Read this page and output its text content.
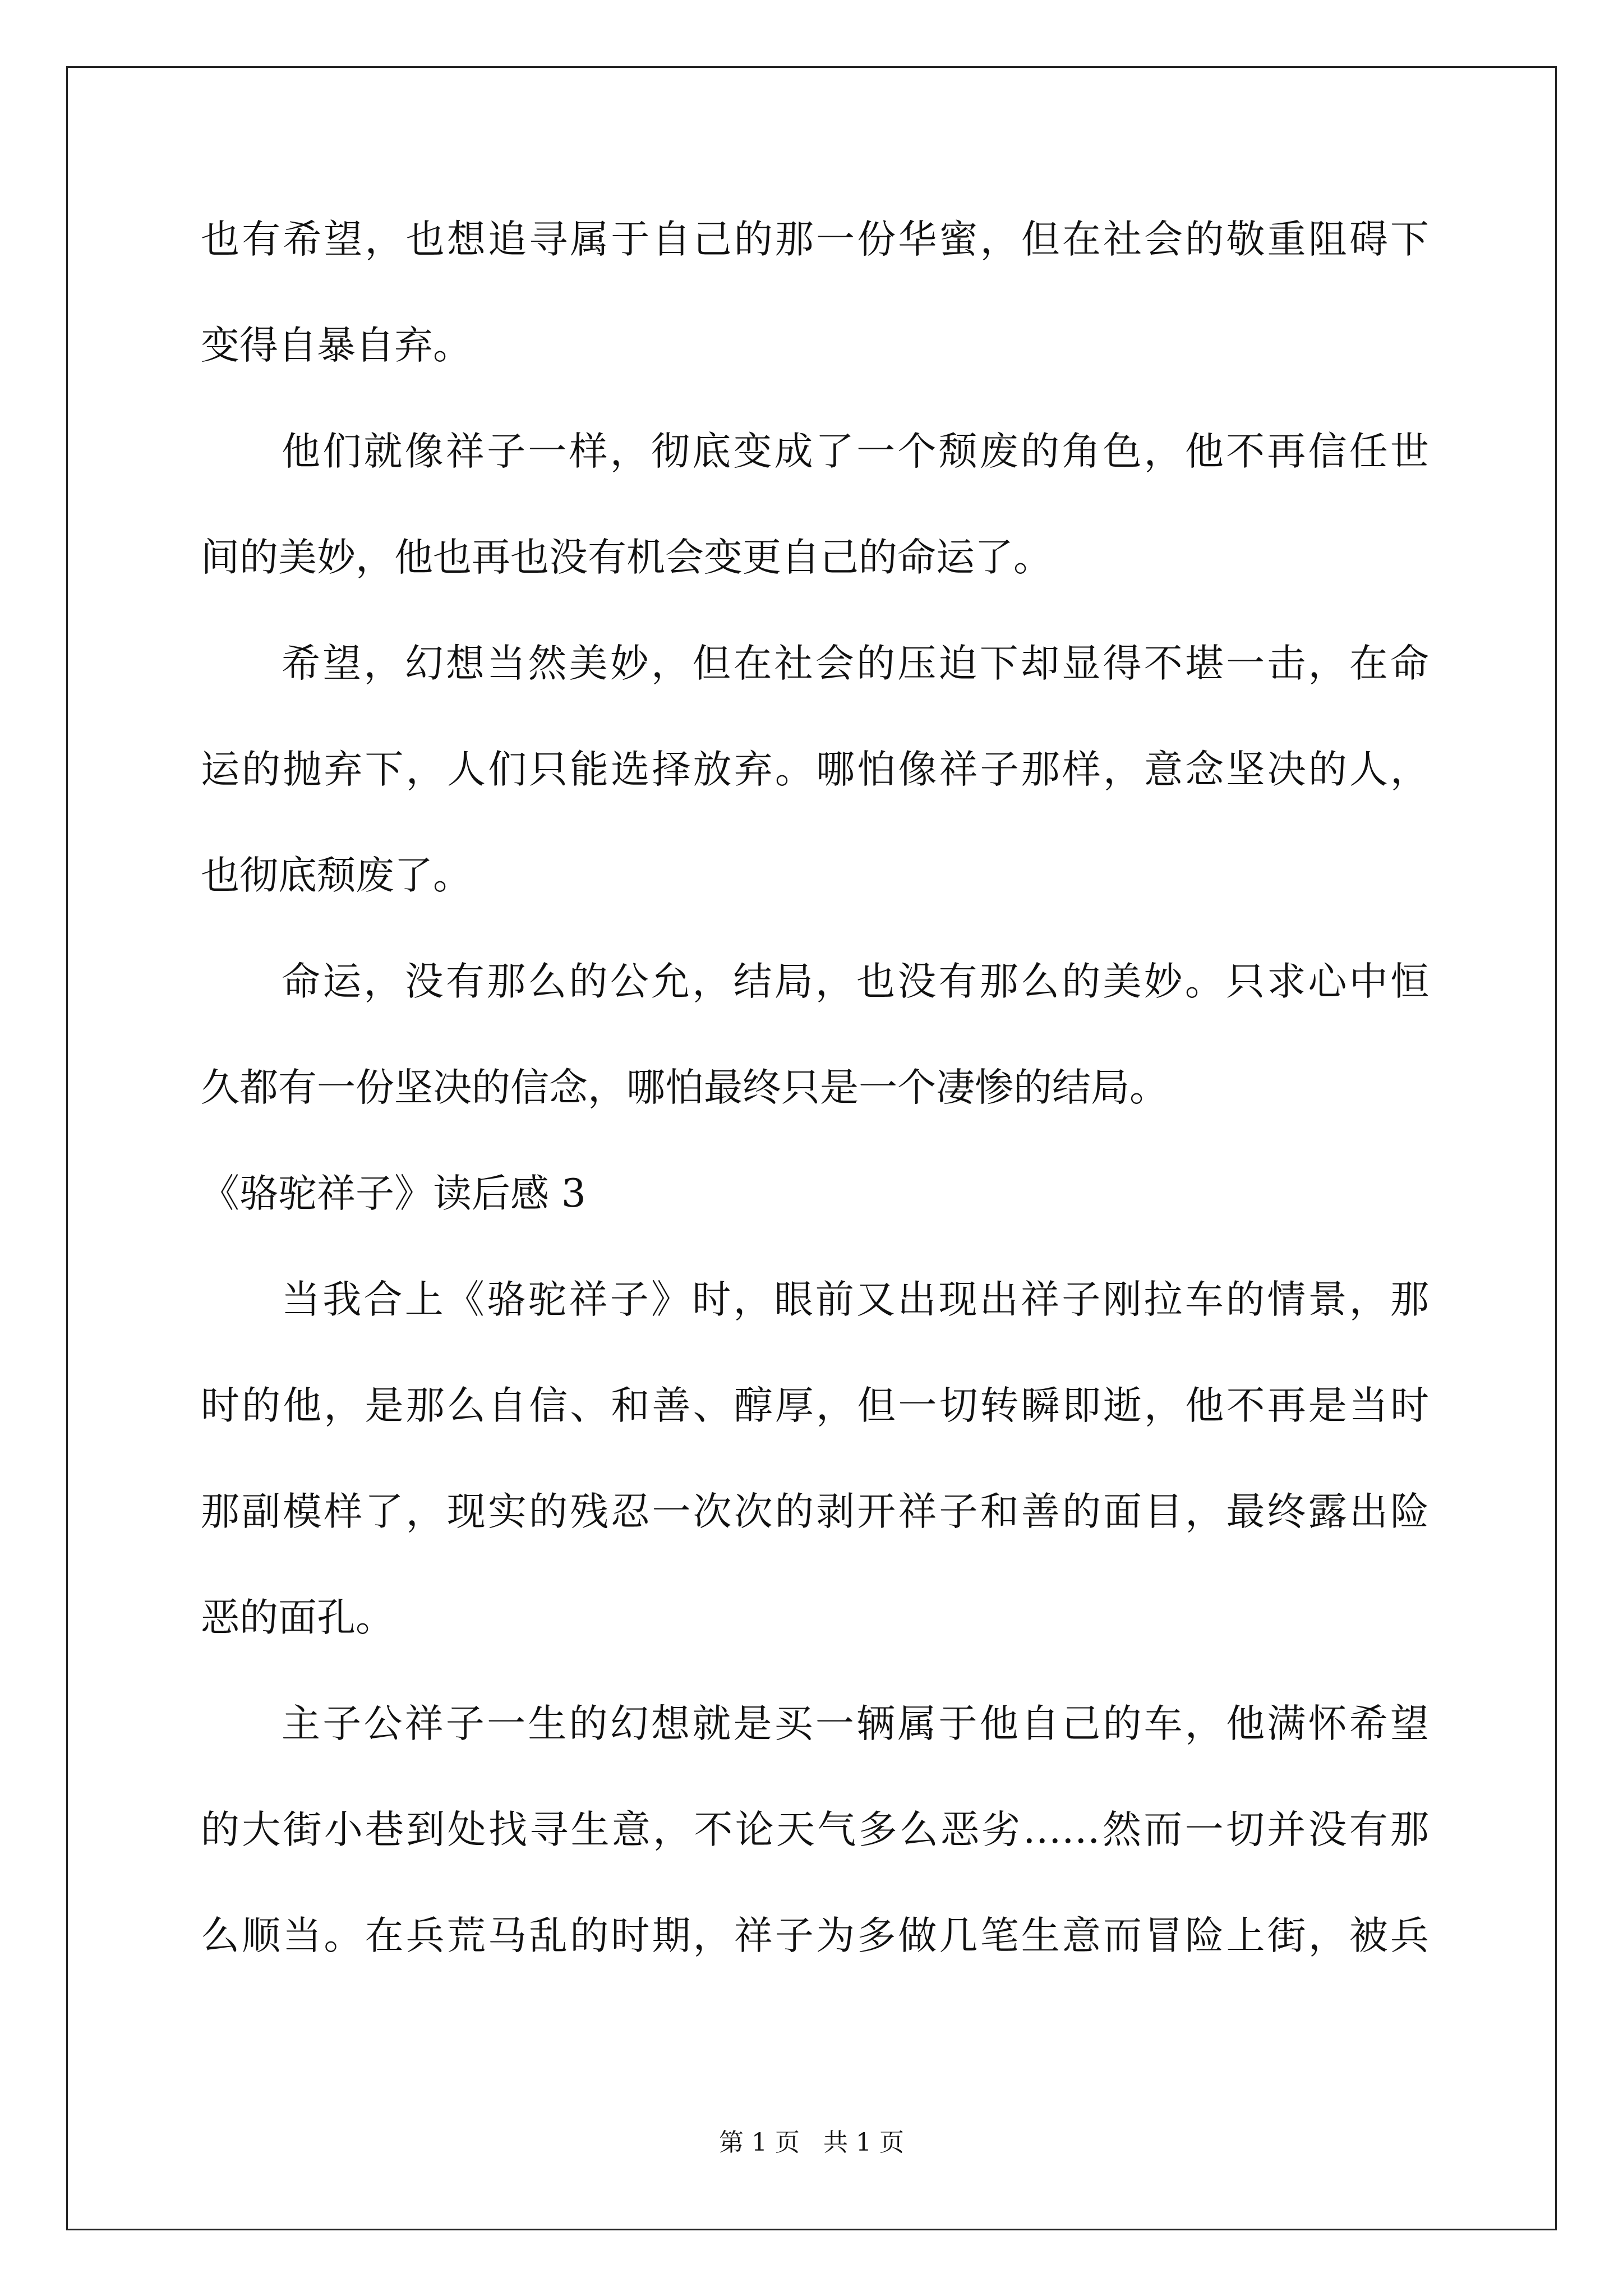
也有希望，也想追寻属于自己的那一份华蜜，但在社会的敬重阻碍下
变得自暴自弃。
他们就像祥子一样，彻底变成了一个颓废的角色，他不再信任世
间的美妙，他也再也没有机会变更自己的命运了。
希望，幻想当然美妙，但在社会的压迫下却显得不堪一击，在命
运的抛弃下，人们只能选择放弃。哪怕像祥子那样，意念坚决的人，
也彻底颓废了。
命运，没有那么的公允，结局，也没有那么的美妙。只求心中恒
久都有一份坚决的信念，哪怕最终只是一个凄惨的结局。
《骆驼祥子》读后感 3
当我合上《骆驼祥子》时，眼前又出现出祥子刚拉车的情景，那
时的他，是那么自信、和善、醇厚，但一切转瞬即逝，他不再是当时
那副模样了，现实的残忍一次次的剥开祥子和善的面目，最终露出险
恶的面孔。
主子公祥子一生的幻想就是买一辆属于他自己的车，他满怀希望
的大街小巷到处找寻生意，不论天气多么恶劣……然而一切并没有那
么顺当。在兵荒马乱的时期，祥子为多做几笔生意而冒险上街，被兵
第 1 页   共 1 页
